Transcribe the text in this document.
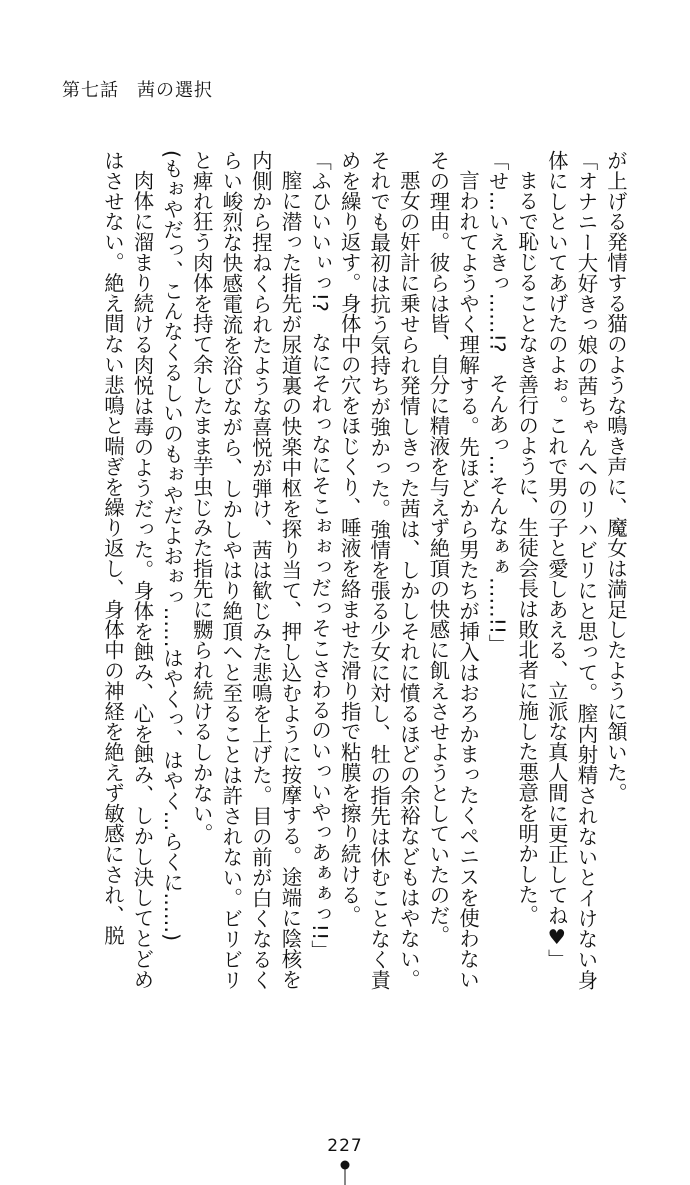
第七話 茜の選択

が上げる発情する猫のような鳴き声に、魔女は満足したように頷いた。

「オナニー大好きっ娘の茜ちゃんへのリハビリにと思って。膣内射精されないとイけない身体にしといてあげたのよぉ。これで男の子と愛しあえる、立派な真人間に更正してね♥」

まるで恥じることなき善行のように、生徒会長は敗北者に施した悪意を明かした。

「せ…いえきっ……!?　そんあっ…そんなぁぁ……!!」

言われてようやく理解する。先ほどから男たちが挿入はおろかまったくペニスを使わないその理由。彼らは皆、自分に精液を与えず絶頂の快感に飢えさせようとしていたのだ。

悪女の奸計に乗せられ発情しきった茜は、しかしそれに憤るほどの余裕などもはやない。それでも最初は抗う気持ちが強かった。強情を張る少女に対し、牡の指先は休むことなく責めを繰り返す。身体中の穴をほじくり、唾液を絡ませた滑り指で粘膜を擦り続ける。

「ふひいいぃっ!?　なにそれっなにそこぉぉっだっそこさわるのいっいやっあぁぁっ!!」

膣に潜った指先が尿道裏の快楽中枢を探り当て、押し込むように按摩する。途端に陰核を内側から捏ねくられたような喜悦が弾け、茜は歓じみた悲鳴を上げた。目の前が白くなるくらい峻烈な快感電流を浴びながら、しかしやはり絶頂へと至ることは許されない。ビリビリと痺れ狂う肉体を持て余したまま芋虫じみた指先に嬲られ続けるしかない。

(もぉやだっ、こんなくるしいのもぉやだよおぉっ……はやくっ、はやく…らくに……)

肉体に溜まり続ける肉悦は毒のようだった。身体を蝕み、心を蝕み、しかし決してとどめはさせない。絶え間ない悲鳴と喘ぎを繰り返し、身体中の神経を絶えず敏感にされ、脱

227
